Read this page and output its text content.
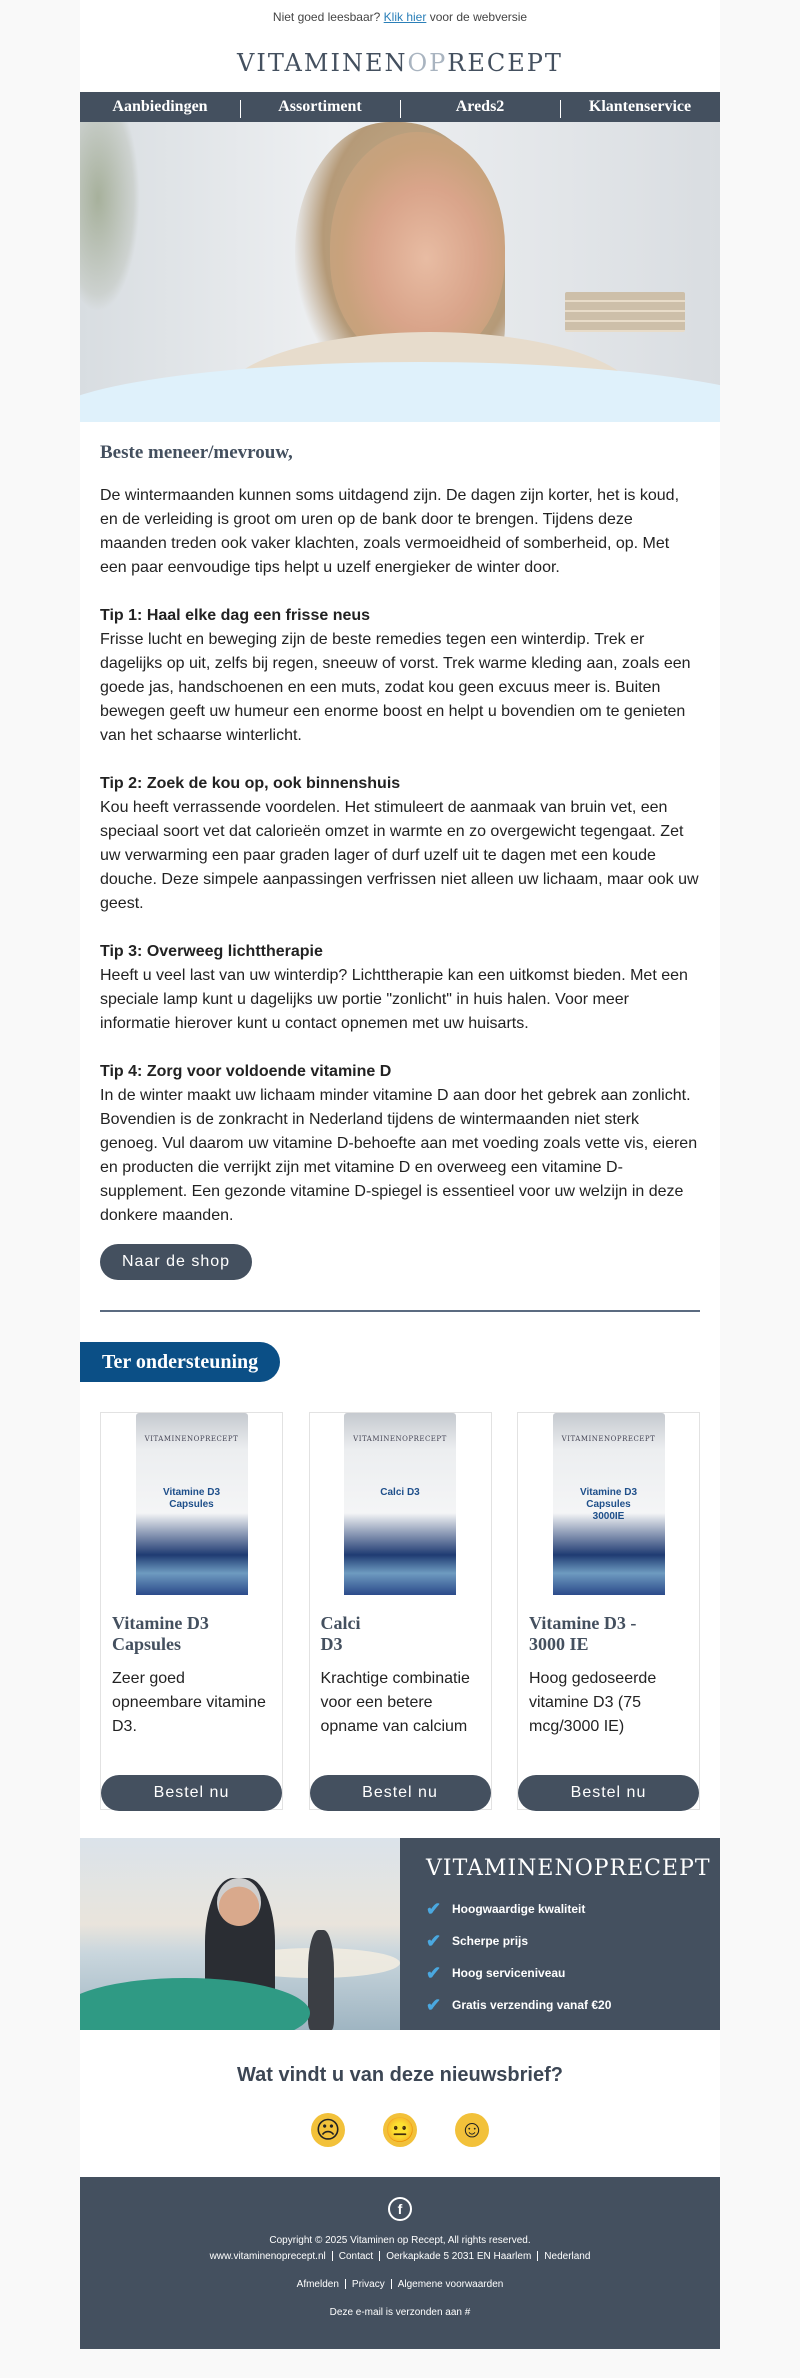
Niet goed leesbaar? Klik hier voor de webversie
VITAMINENOPRECEPT
Aanbiedingen	Assortiment	Areds2	Klantenservice
Beste meneer/mevrouw,
De wintermaanden kunnen soms uitdagend zijn. De dagen zijn korter, het is koud, en de verleiding is groot om uren op de bank door te brengen. Tijdens deze maanden treden ook vaker klachten, zoals vermoeidheid of somberheid, op. Met een paar eenvoudige tips helpt u uzelf energieker de winter door.
Tip 1: Haal elke dag een frisse neus
Frisse lucht en beweging zijn de beste remedies tegen een winterdip. Trek er dagelijks op uit, zelfs bij regen, sneeuw of vorst. Trek warme kleding aan, zoals een goede jas, handschoenen en een muts, zodat kou geen excuus meer is. Buiten bewegen geeft uw humeur een enorme boost en helpt u bovendien om te genieten van het schaarse winterlicht.
Tip 2: Zoek de kou op, ook binnenshuis
Kou heeft verrassende voordelen. Het stimuleert de aanmaak van bruin vet, een speciaal soort vet dat calorieën omzet in warmte en zo overgewicht tegengaat. Zet uw verwarming een paar graden lager of durf uzelf uit te dagen met een koude douche. Deze simpele aanpassingen verfrissen niet alleen uw lichaam, maar ook uw geest.
Tip 3: Overweeg lichttherapie
Heeft u veel last van uw winterdip? Lichttherapie kan een uitkomst bieden. Met een speciale lamp kunt u dagelijks uw portie "zonlicht" in huis halen. Voor meer informatie hierover kunt u contact opnemen met uw huisarts.
Tip 4: Zorg voor voldoende vitamine D
In de winter maakt uw lichaam minder vitamine D aan door het gebrek aan zonlicht. Bovendien is de zonkracht in Nederland tijdens de wintermaanden niet sterk genoeg. Vul daarom uw vitamine D-behoefte aan met voeding zoals vette vis, eieren en producten die verrijkt zijn met vitamine D en overweeg een vitamine D-supplement. Een gezonde vitamine D-spiegel is essentieel voor uw welzijn in deze donkere maanden.
Naar de shop
Ter ondersteuning
VITAMINENOPRECEPT
Vitamine D3
Capsules
Vitamine D3
Capsules
Zeer goed opneembare vitamine D3.
Bestel nu
VITAMINENOPRECEPT
Calci D3
Calci
D3
Krachtige combinatie voor een betere opname van calcium
Bestel nu
VITAMINENOPRECEPT
Vitamine D3
Capsules
3000IE
Vitamine D3 -
3000 IE
Hoog gedoseerde vitamine D3 (75 mcg/3000 IE)
Bestel nu
VITAMINENOPRECEPT
✔ Hoogwaardige kwaliteit
✔ Scherpe prijs
✔ Hoog serviceniveau
✔ Gratis verzending vanaf €20
Wat vindt u van deze nieuwsbrief?
☹ 😐 ☺
f
Copyright © 2025 Vitaminen op Recept, All rights reserved.
www.vitaminenoprecept.nl Contact Oerkapkade 5 2031 EN Haarlem Nederland
Afmelden Privacy Algemene voorwaarden
Deze e-mail is verzonden aan #
